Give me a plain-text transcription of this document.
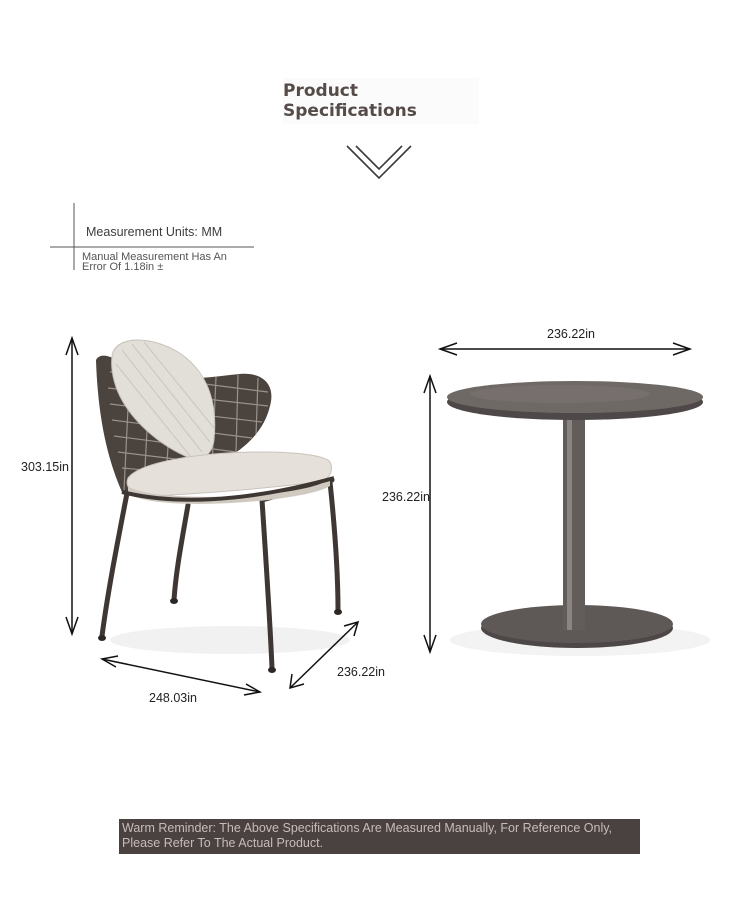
Product Specifications
Measurement Units: MM
Manual Measurement Has An
Error Of 1.18in ±
303.15in
248.03in
236.22in
236.22in
236.22in
Warm Reminder: The Above Specifications Are Measured Manually, For Reference Only,
Please Refer To The Actual Product.
